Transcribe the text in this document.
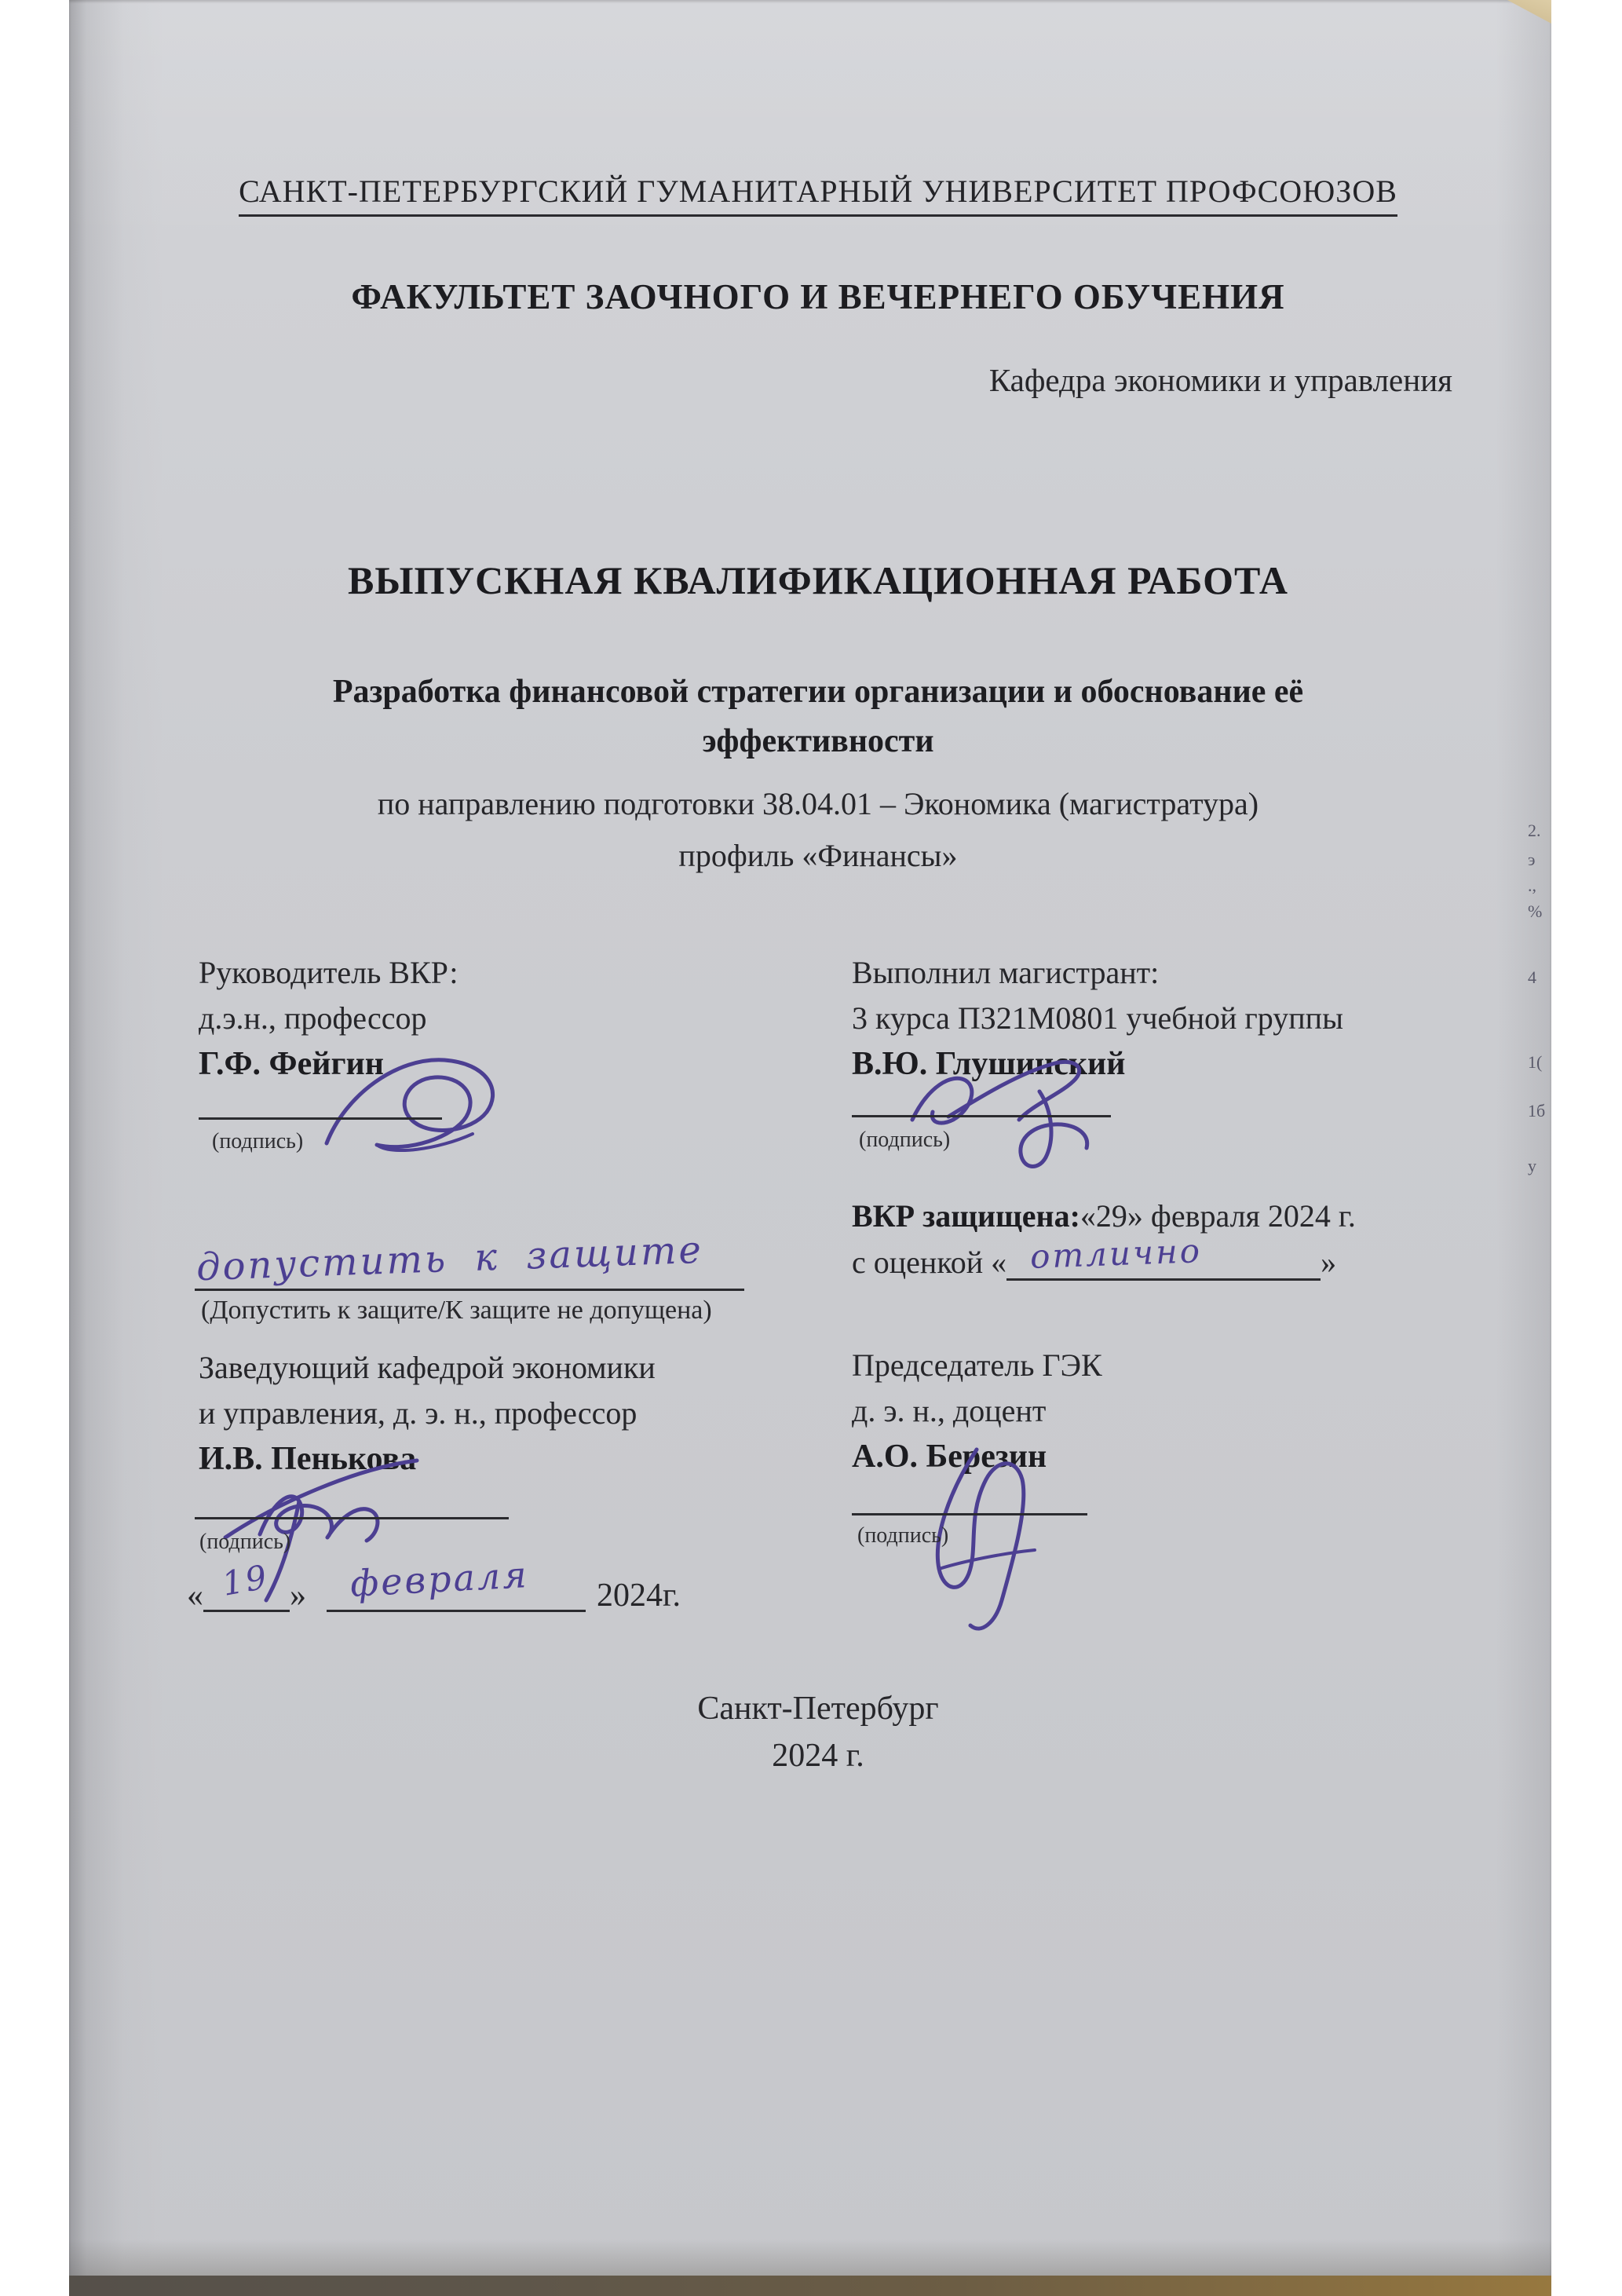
САНКТ-ПЕТЕРБУРГСКИЙ ГУМАНИТАРНЫЙ УНИВЕРСИТЕТ ПРОФСОЮЗОВ
ФАКУЛЬТЕТ ЗАОЧНОГО И ВЕЧЕРНЕГО ОБУЧЕНИЯ
Кафедра экономики и управления
ВЫПУСКНАЯ КВАЛИФИКАЦИОННАЯ РАБОТА
Разработка финансовой стратегии организации и обоснование её эффективности
по направлению подготовки 38.04.01 – Экономика (магистратура)
профиль «Финансы»
Руководитель ВКР:
д.э.н., профессор
Г.Ф. Фейгин
(подпись)
Выполнил магистрант:
3 курса ПЗ21М0801 учебной группы
В.Ю. Глушинский
(подпись)
ВКР защищена:«29» февраля 2024 г.
с оценкой « отлично	»
допустить к защите
(Допустить к защите/К защите не допущена)
Заведующий кафедрой экономики
и управления, д. э. н., профессор
И.В. Пенькова
(подпись)
« 19 » февраля 2024г.
Председатель ГЭК
д. э. н., доцент
А.О. Березин
(подпись)
Санкт-Петербург
2024 г.
2.
э
.,
%
4
1(
1б
у
